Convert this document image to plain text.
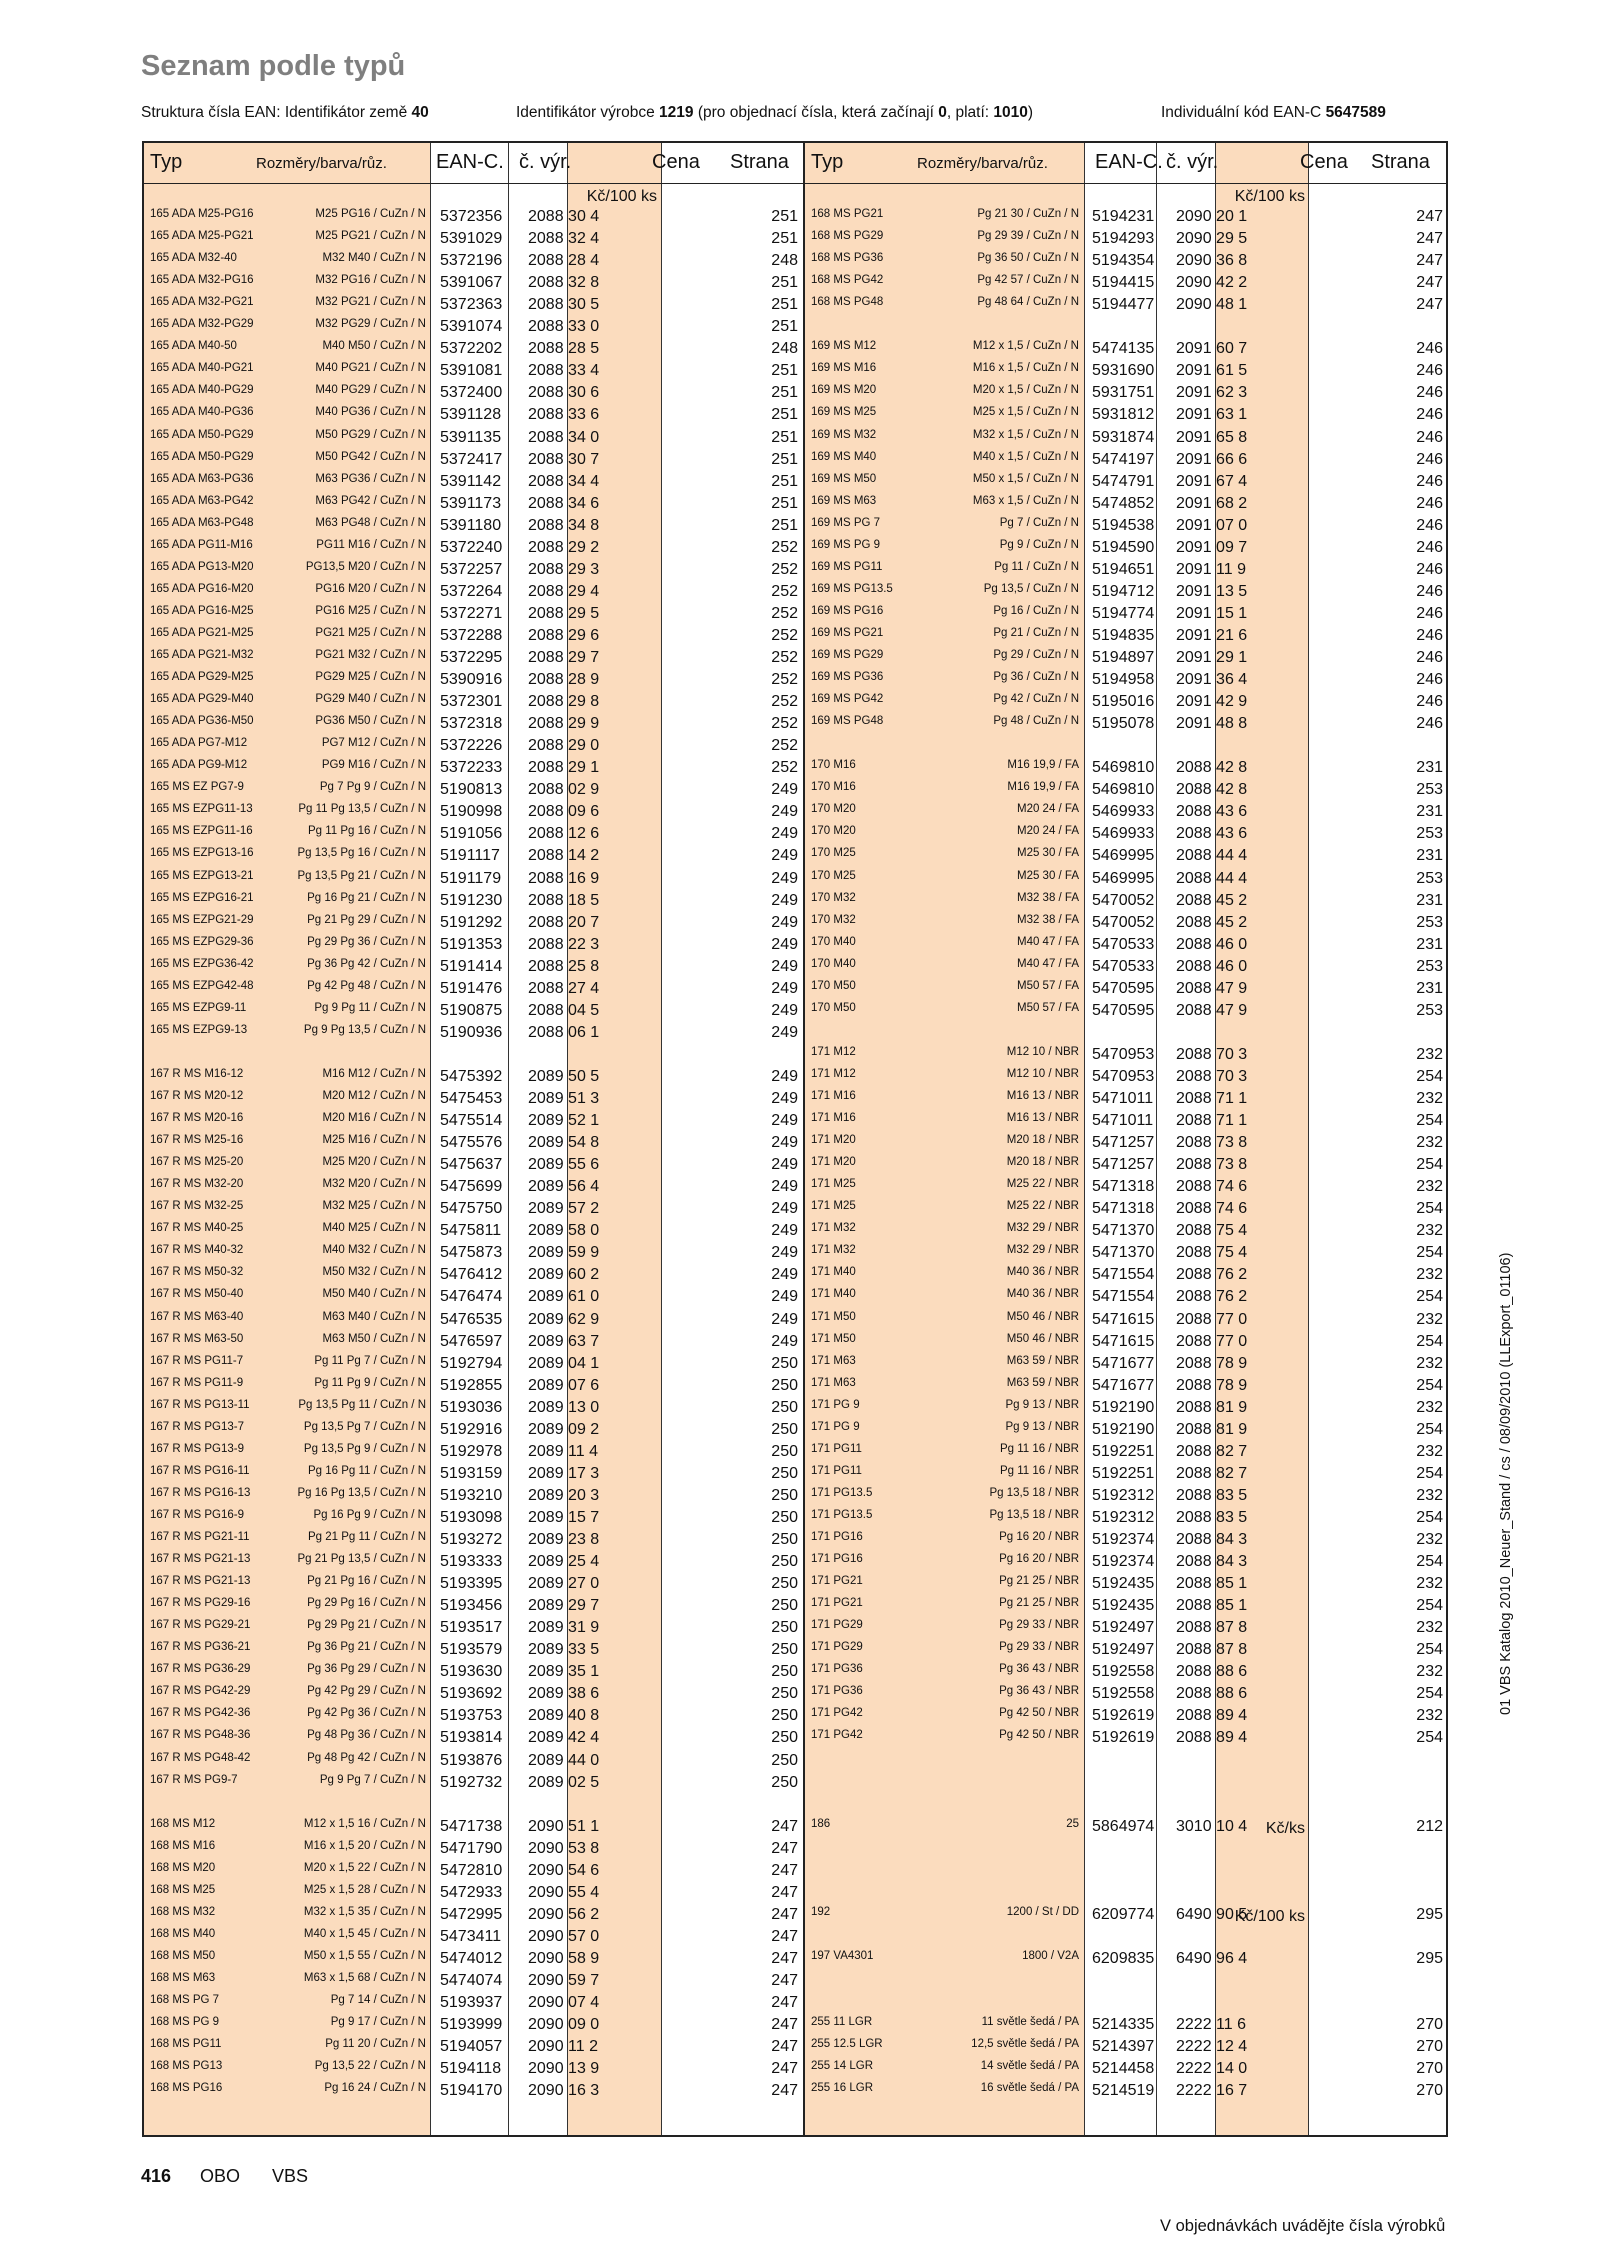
Seznam podle typů
Struktura čísla EAN: Identifikátor země 40	Identifikátor výrobce 1219 (pro objednací čísla, která začínají 0, platí: 1010)	Individuální kód EAN-C 5647589
Typ	Rozměry/barva/růz. EAN-C. č. výr.	Cena Strana
Kč/100 ks
165 ADA M25-PG16	M25 PG16 / CuZn / N 5372356 2088 30 4	251
165 ADA M25-PG21	M25 PG21 / CuZn / N 5391029 2088 32 4	251
165 ADA M32-40	M32 M40 / CuZn / N 5372196 2088 28 4	248
165 ADA M32-PG16	M32 PG16 / CuZn / N 5391067 2088 32 8	251
165 ADA M32-PG21	M32 PG21 / CuZn / N 5372363 2088 30 5	251
165 ADA M32-PG29	M32 PG29 / CuZn / N 5391074 2088 33 0	251
165 ADA M40-50	M40 M50 / CuZn / N 5372202 2088 28 5	248
165 ADA M40-PG21	M40 PG21 / CuZn / N 5391081 2088 33 4	251
165 ADA M40-PG29	M40 PG29 / CuZn / N 5372400 2088 30 6	251
165 ADA M40-PG36	M40 PG36 / CuZn / N 5391128 2088 33 6	251
165 ADA M50-PG29	M50 PG29 / CuZn / N 5391135 2088 34 0	251
165 ADA M50-PG29	M50 PG42 / CuZn / N 5372417 2088 30 7	251
165 ADA M63-PG36	M63 PG36 / CuZn / N 5391142 2088 34 4	251
165 ADA M63-PG42	M63 PG42 / CuZn / N 5391173 2088 34 6	251
165 ADA M63-PG48	M63 PG48 / CuZn / N 5391180 2088 34 8	251
165 ADA PG11-M16	PG11 M16 / CuZn / N 5372240 2088 29 2	252
165 ADA PG13-M20	PG13,5 M20 / CuZn / N 5372257 2088 29 3	252
165 ADA PG16-M20	PG16 M20 / CuZn / N 5372264 2088 29 4	252
165 ADA PG16-M25	PG16 M25 / CuZn / N 5372271 2088 29 5	252
165 ADA PG21-M25	PG21 M25 / CuZn / N 5372288 2088 29 6	252
165 ADA PG21-M32	PG21 M32 / CuZn / N 5372295 2088 29 7	252
165 ADA PG29-M25	PG29 M25 / CuZn / N 5390916 2088 28 9	252
165 ADA PG29-M40	PG29 M40 / CuZn / N 5372301 2088 29 8	252
165 ADA PG36-M50	PG36 M50 / CuZn / N 5372318 2088 29 9	252
165 ADA PG7-M12	PG7 M12 / CuZn / N 5372226 2088 29 0	252
165 ADA PG9-M12	PG9 M16 / CuZn / N 5372233 2088 29 1	252
165 MS EZ PG7-9	Pg 7 Pg 9 / CuZn / N 5190813 2088 02 9	249
165 MS EZPG11-13	Pg 11 Pg 13,5 / CuZn / N 5190998 2088 09 6	249
165 MS EZPG11-16	Pg 11 Pg 16 / CuZn / N 5191056 2088 12 6	249
165 MS EZPG13-16	Pg 13,5 Pg 16 / CuZn / N 5191117 2088 14 2	249
165 MS EZPG13-21	Pg 13,5 Pg 21 / CuZn / N 5191179 2088 16 9	249
165 MS EZPG16-21	Pg 16 Pg 21 / CuZn / N 5191230 2088 18 5	249
165 MS EZPG21-29	Pg 21 Pg 29 / CuZn / N 5191292 2088 20 7	249
165 MS EZPG29-36	Pg 29 Pg 36 / CuZn / N 5191353 2088 22 3	249
165 MS EZPG36-42	Pg 36 Pg 42 / CuZn / N 5191414 2088 25 8	249
165 MS EZPG42-48	Pg 42 Pg 48 / CuZn / N 5191476 2088 27 4	249
165 MS EZPG9-11	Pg 9 Pg 11 / CuZn / N 5190875 2088 04 5	249
165 MS EZPG9-13	Pg 9 Pg 13,5 / CuZn / N 5190936 2088 06 1	249
167 R MS M16-12	M16 M12 / CuZn / N 5475392 2089 50 5	249
167 R MS M20-12	M20 M12 / CuZn / N 5475453 2089 51 3	249
167 R MS M20-16	M20 M16 / CuZn / N 5475514 2089 52 1	249
167 R MS M25-16	M25 M16 / CuZn / N 5475576 2089 54 8	249
167 R MS M25-20	M25 M20 / CuZn / N 5475637 2089 55 6	249
167 R MS M32-20	M32 M20 / CuZn / N 5475699 2089 56 4	249
167 R MS M32-25	M32 M25 / CuZn / N 5475750 2089 57 2	249
167 R MS M40-25	M40 M25 / CuZn / N 5475811 2089 58 0	249
167 R MS M40-32	M40 M32 / CuZn / N 5475873 2089 59 9	249
167 R MS M50-32	M50 M32 / CuZn / N 5476412 2089 60 2	249
167 R MS M50-40	M50 M40 / CuZn / N 5476474 2089 61 0	249
167 R MS M63-40	M63 M40 / CuZn / N 5476535 2089 62 9	249
167 R MS M63-50	M63 M50 / CuZn / N 5476597 2089 63 7	249
167 R MS PG11-7	Pg 11 Pg 7 / CuZn / N 5192794 2089 04 1	250
167 R MS PG11-9	Pg 11 Pg 9 / CuZn / N 5192855 2089 07 6	250
167 R MS PG13-11	Pg 13,5 Pg 11 / CuZn / N 5193036 2089 13 0	250
167 R MS PG13-7	Pg 13,5 Pg 7 / CuZn / N 5192916 2089 09 2	250
167 R MS PG13-9	Pg 13,5 Pg 9 / CuZn / N 5192978 2089 11 4	250
167 R MS PG16-11	Pg 16 Pg 11 / CuZn / N 5193159 2089 17 3	250
167 R MS PG16-13	Pg 16 Pg 13,5 / CuZn / N 5193210 2089 20 3	250
167 R MS PG16-9	Pg 16 Pg 9 / CuZn / N 5193098 2089 15 7	250
167 R MS PG21-11	Pg 21 Pg 11 / CuZn / N 5193272 2089 23 8	250
167 R MS PG21-13	Pg 21 Pg 13,5 / CuZn / N 5193333 2089 25 4	250
167 R MS PG21-13	Pg 21 Pg 16 / CuZn / N 5193395 2089 27 0	250
167 R MS PG29-16	Pg 29 Pg 16 / CuZn / N 5193456 2089 29 7	250
167 R MS PG29-21	Pg 29 Pg 21 / CuZn / N 5193517 2089 31 9	250
167 R MS PG36-21	Pg 36 Pg 21 / CuZn / N 5193579 2089 33 5	250
167 R MS PG36-29	Pg 36 Pg 29 / CuZn / N 5193630 2089 35 1	250
167 R MS PG42-29	Pg 42 Pg 29 / CuZn / N 5193692 2089 38 6	250
167 R MS PG42-36	Pg 42 Pg 36 / CuZn / N 5193753 2089 40 8	250
167 R MS PG48-36	Pg 48 Pg 36 / CuZn / N 5193814 2089 42 4	250
167 R MS PG48-42	Pg 48 Pg 42 / CuZn / N 5193876 2089 44 0	250
167 R MS PG9-7	Pg 9 Pg 7 / CuZn / N 5192732 2089 02 5	250
168 MS M12	M12 x 1,5 16 / CuZn / N 5471738 2090 51 1	247
168 MS M16	M16 x 1,5 20 / CuZn / N 5471790 2090 53 8	247
168 MS M20	M20 x 1,5 22 / CuZn / N 5472810 2090 54 6	247
168 MS M25	M25 x 1,5 28 / CuZn / N 5472933 2090 55 4	247
168 MS M32	M32 x 1,5 35 / CuZn / N 5472995 2090 56 2	247
168 MS M40	M40 x 1,5 45 / CuZn / N 5473411 2090 57 0	247
168 MS M50	M50 x 1,5 55 / CuZn / N 5474012 2090 58 9	247
168 MS M63	M63 x 1,5 68 / CuZn / N 5474074 2090 59 7	247
168 MS PG 7	Pg 7 14 / CuZn / N 5193937 2090 07 4	247
168 MS PG 9	Pg 9 17 / CuZn / N 5193999 2090 09 0	247
168 MS PG11	Pg 11 20 / CuZn / N 5194057 2090 11 2	247
168 MS PG13	Pg 13,5 22 / CuZn / N 5194118 2090 13 9	247
168 MS PG16	Pg 16 24 / CuZn / N 5194170 2090 16 3	247
Typ	Rozměry/barva/růz. EAN-C. č. výr.	Cena Strana
Kč/100 ks
Kč/ks
Kč/100 ks
168 MS PG21	Pg 21 30 / CuZn / N 5194231 2090 20 1	247
168 MS PG29	Pg 29 39 / CuZn / N 5194293 2090 29 5	247
168 MS PG36	Pg 36 50 / CuZn / N 5194354 2090 36 8	247
168 MS PG42	Pg 42 57 / CuZn / N 5194415 2090 42 2	247
168 MS PG48	Pg 48 64 / CuZn / N 5194477 2090 48 1	247
169 MS M12	M12 x 1,5 / CuZn / N 5474135 2091 60 7	246
169 MS M16	M16 x 1,5 / CuZn / N 5931690 2091 61 5	246
169 MS M20	M20 x 1,5 / CuZn / N 5931751 2091 62 3	246
169 MS M25	M25 x 1,5 / CuZn / N 5931812 2091 63 1	246
169 MS M32	M32 x 1,5 / CuZn / N 5931874 2091 65 8	246
169 MS M40	M40 x 1,5 / CuZn / N 5474197 2091 66 6	246
169 MS M50	M50 x 1,5 / CuZn / N 5474791 2091 67 4	246
169 MS M63	M63 x 1,5 / CuZn / N 5474852 2091 68 2	246
169 MS PG 7	Pg 7 / CuZn / N 5194538 2091 07 0	246
169 MS PG 9	Pg 9 / CuZn / N 5194590 2091 09 7	246
169 MS PG11	Pg 11 / CuZn / N 5194651 2091 11 9	246
169 MS PG13.5	Pg 13,5 / CuZn / N 5194712 2091 13 5	246
169 MS PG16	Pg 16 / CuZn / N 5194774 2091 15 1	246
169 MS PG21	Pg 21 / CuZn / N 5194835 2091 21 6	246
169 MS PG29	Pg 29 / CuZn / N 5194897 2091 29 1	246
169 MS PG36	Pg 36 / CuZn / N 5194958 2091 36 4	246
169 MS PG42	Pg 42 / CuZn / N 5195016 2091 42 9	246
169 MS PG48	Pg 48 / CuZn / N 5195078 2091 48 8	246
170 M16	M16 19,9 / FA 5469810 2088 42 8	231
170 M16	M16 19,9 / FA 5469810 2088 42 8	253
170 M20	M20 24 / FA 5469933 2088 43 6	231
170 M20	M20 24 / FA 5469933 2088 43 6	253
170 M25	M25 30 / FA 5469995 2088 44 4	231
170 M25	M25 30 / FA 5469995 2088 44 4	253
170 M32	M32 38 / FA 5470052 2088 45 2	231
170 M32	M32 38 / FA 5470052 2088 45 2	253
170 M40	M40 47 / FA 5470533 2088 46 0	231
170 M40	M40 47 / FA 5470533 2088 46 0	253
170 M50	M50 57 / FA 5470595 2088 47 9	231
170 M50	M50 57 / FA 5470595 2088 47 9	253
171 M12	M12 10 / NBR 5470953 2088 70 3	232
171 M12	M12 10 / NBR 5470953 2088 70 3	254
171 M16	M16 13 / NBR 5471011 2088 71 1	232
171 M16	M16 13 / NBR 5471011 2088 71 1	254
171 M20	M20 18 / NBR 5471257 2088 73 8	232
171 M20	M20 18 / NBR 5471257 2088 73 8	254
171 M25	M25 22 / NBR 5471318 2088 74 6	232
171 M25	M25 22 / NBR 5471318 2088 74 6	254
171 M32	M32 29 / NBR 5471370 2088 75 4	232
171 M32	M32 29 / NBR 5471370 2088 75 4	254
171 M40	M40 36 / NBR 5471554 2088 76 2	232
171 M40	M40 36 / NBR 5471554 2088 76 2	254
171 M50	M50 46 / NBR 5471615 2088 77 0	232
171 M50	M50 46 / NBR 5471615 2088 77 0	254
171 M63	M63 59 / NBR 5471677 2088 78 9	232
171 M63	M63 59 / NBR 5471677 2088 78 9	254
171 PG 9	Pg 9 13 / NBR 5192190 2088 81 9	232
171 PG 9	Pg 9 13 / NBR 5192190 2088 81 9	254
171 PG11	Pg 11 16 / NBR 5192251 2088 82 7	232
171 PG11	Pg 11 16 / NBR 5192251 2088 82 7	254
171 PG13.5	Pg 13,5 18 / NBR 5192312 2088 83 5	232
171 PG13.5	Pg 13,5 18 / NBR 5192312 2088 83 5	254
171 PG16	Pg 16 20 / NBR 5192374 2088 84 3	232
171 PG16	Pg 16 20 / NBR 5192374 2088 84 3	254
171 PG21	Pg 21 25 / NBR 5192435 2088 85 1	232
171 PG21	Pg 21 25 / NBR 5192435 2088 85 1	254
171 PG29	Pg 29 33 / NBR 5192497 2088 87 8	232
171 PG29	Pg 29 33 / NBR 5192497 2088 87 8	254
171 PG36	Pg 36 43 / NBR 5192558 2088 88 6	232
171 PG36	Pg 36 43 / NBR 5192558 2088 88 6	254
171 PG42	Pg 42 50 / NBR 5192619 2088 89 4	232
171 PG42	Pg 42 50 / NBR 5192619 2088 89 4	254
186	25 5864974 3010 10 4	212
192	1200 / St / DD 6209774 6490 90 5	295
197 VA4301	1800 / V2A 6209835 6490 96 4	295
255 11 LGR	11 světle šedá / PA 5214335 2222 11 6	270
255 12.5 LGR	12,5 světle šedá / PA 5214397 2222 12 4	270
255 14 LGR	14 světle šedá / PA 5214458 2222 14 0	270
255 16 LGR	16 světle šedá / PA 5214519 2222 16 7	270
01 VBS Katalog 2010_Neuer_Stand / cs / 08/09/2010 (LLExport_01106)
416 OBO VBS
V objednávkách uvádějte čísla výrobků
